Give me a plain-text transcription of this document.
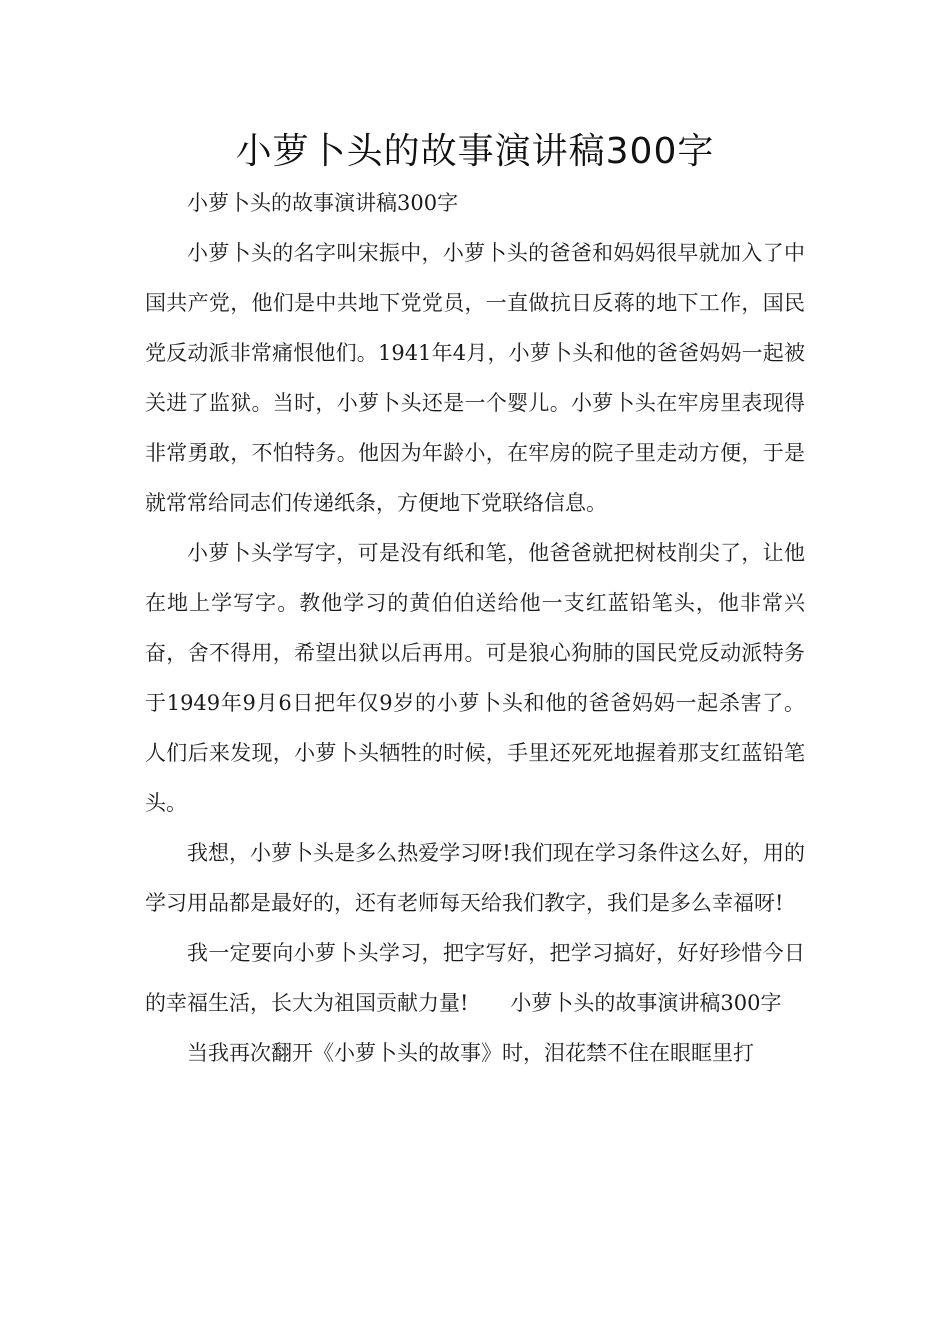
小萝卜头的故事演讲稿300字

小萝卜头的故事演讲稿300字

小萝卜头的名字叫宋振中，小萝卜头的爸爸和妈妈很早就加入了中国共产党，他们是中共地下党党员，一直做抗日反蒋的地下工作，国民党反动派非常痛恨他们。1941年4月，小萝卜头和他的爸爸妈妈一起被关进了监狱。当时，小萝卜头还是一个婴儿。小萝卜头在牢房里表现得非常勇敢，不怕特务。他因为年龄小，在牢房的院子里走动方便，于是就常常给同志们传递纸条，方便地下党联络信息。

小萝卜头学写字，可是没有纸和笔，他爸爸就把树枝削尖了，让他在地上学写字。教他学习的黄伯伯送给他一支红蓝铅笔头，他非常兴奋，舍不得用，希望出狱以后再用。可是狼心狗肺的国民党反动派特务于1949年9月6日把年仅9岁的小萝卜头和他的爸爸妈妈一起杀害了。人们后来发现，小萝卜头牺牲的时候，手里还死死地握着那支红蓝铅笔头。

我想，小萝卜头是多么热爱学习呀!我们现在学习条件这么好，用的学习用品都是最好的，还有老师每天给我们教字，我们是多么幸福呀!

我一定要向小萝卜头学习，把字写好，把学习搞好，好好珍惜今日的幸福生活，长大为祖国贡献力量!　　小萝卜头的故事演讲稿300字

当我再次翻开《小萝卜头的故事》时，泪花禁不住在眼眶里打
